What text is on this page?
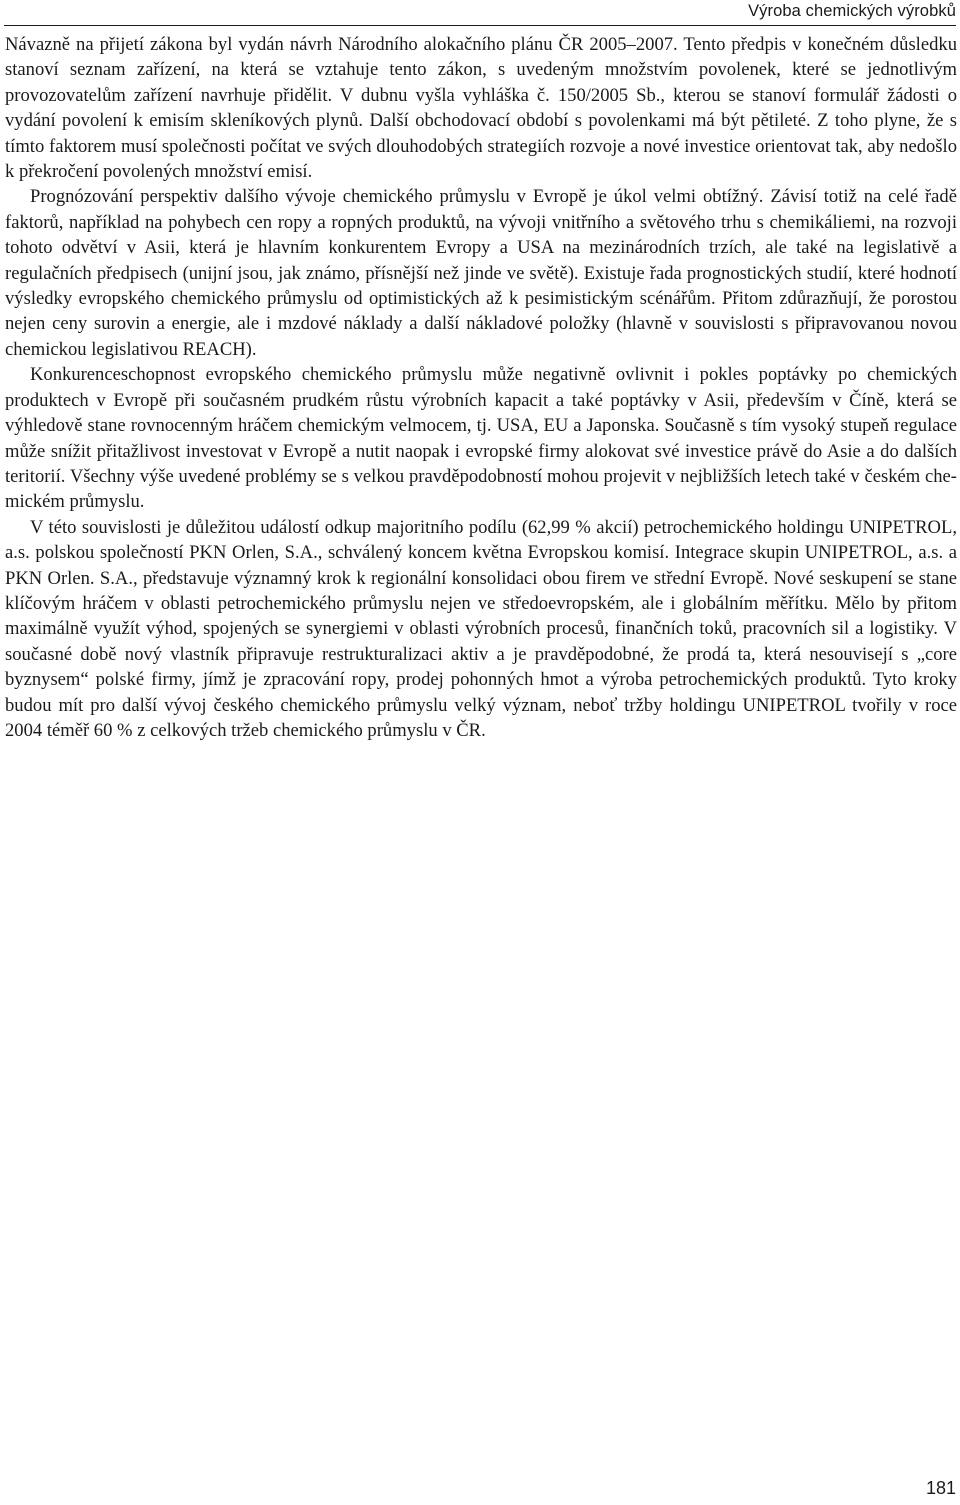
Výroba chemických výrobků

Návazně na přijetí zákona byl vydán návrh Národního alokačního plánu ČR 2005–2007. Tento předpis v konečném důsledku stanoví seznam zařízení, na která se vztahuje tento zákon, s uvedeným množstvím povolenek, které se jednotlivým provozovatelům zařízení navrhuje přidělit. V dubnu vyšla vyhláška č. 150/2005 Sb., kterou se stanoví formulář žádosti o vydání povolení k emisím skleníkových plynů. Další obchodovací období s povolenkami má být pětileté. Z toho plyne, že s tímto faktorem musí společnosti počítat ve svých dlouhodobých strategiích rozvoje a nové investice orientovat tak, aby nedošlo k překročení povolených množství emisí.

Prognózování perspektiv dalšího vývoje chemického průmyslu v Evropě je úkol velmi obtížný. Závisí totiž na celé řadě faktorů, například na pohybech cen ropy a ropných produktů, na vývoji vnitřního a světového trhu s chemikáliemi, na rozvoji tohoto odvětví v Asii, která je hlavním konkurentem Evropy a USA na mezinárodních trzích, ale také na legislativě a regulačních předpisech (unijní jsou, jak známo, přísnější než jinde ve světě). Existuje řada prognostických studií, které hodnotí výsledky evropského chemického průmyslu od optimistických až k pesimistickým scénářům. Přitom zdůrazňují, že porostou nejen ceny surovin a energie, ale i mzdové náklady a další nákladové položky (hlavně v souvislosti s připravovanou novou chemickou legislativou REACH).

Konkurenceschopnost evropského chemického průmyslu může negativně ovlivnit i pokles poptávky po chemických produktech v Evropě při současném prudkém růstu výrobních kapacit a také poptávky v Asii, především v Číně, která se výhledově stane rovnocenným hráčem chemickým velmocem, tj. USA, EU a Japonska. Současně s tím vysoký stupeň regulace může snížit přitažlivost investovat v Evropě a nutit naopak i evropské firmy alokovat své investice právě do Asie a do dalších teritorií. Všechny výše uvedené problémy se s velkou pravděpodobností mohou projevit v nejbližších letech také v českém chemickém průmyslu.

V této souvislosti je důležitou událostí odkup majoritního podílu (62,99 % akcií) petrochemického holdingu UNIPETROL, a.s. polskou společností PKN Orlen, S.A., schválený koncem května Evropskou komisí. Integrace skupin UNIPETROL, a.s. a PKN Orlen. S.A., představuje významný krok k regionální konsolidaci obou firem ve střední Evropě. Nové seskupení se stane klíčovým hráčem v oblasti petrochemického průmyslu nejen ve středoevropském, ale i globálním měřítku. Mělo by přitom maximálně využít výhod, spojených se synergiemi v oblasti výrobních procesů, finančních toků, pracovních sil a logistiky. V současné době nový vlastník připravuje restrukturalizaci aktiv a je pravděpodobné, že prodá ta, která nesouvisejí s „core byznysem“ polské firmy, jímž je zpracování ropy, prodej pohonných hmot a výroba petrochemických produktů. Tyto kroky budou mít pro další vývoj českého chemického průmyslu velký význam, neboť tržby holdingu UNIPETROL tvořily v roce 2004 téměř 60 % z celkových tržeb chemického průmyslu v ČR.

181
